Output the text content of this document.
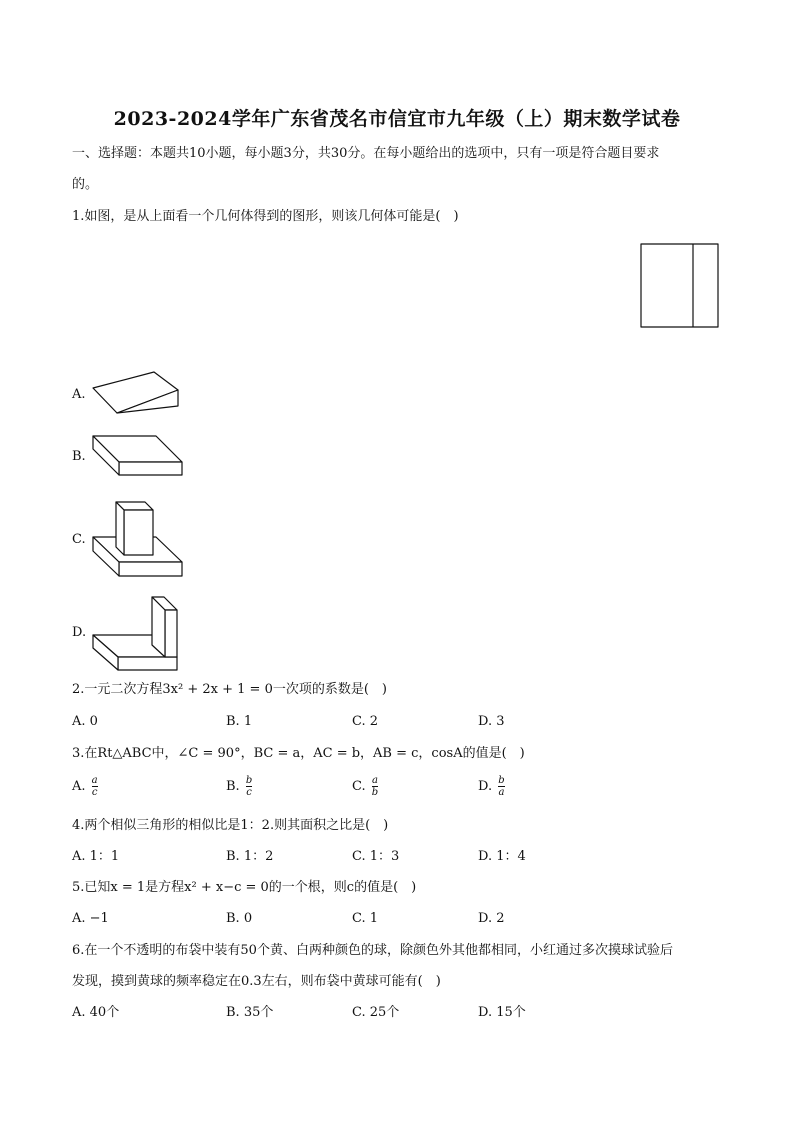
2023-2024学年广东省茂名市信宜市九年级（上）期末数学试卷
一、选择题：本题共10小题，每小题3分，共30分。在每小题给出的选项中，只有一项是符合题目要求
的。
1.如图，是从上面看一个几何体得到的图形，则该几何体可能是(　)
A.
B.
C.
D.
2.一元二次方程3x² + 2x + 1 = 0一次项的系数是(　)
A. 0	B. 1	C. 2	D. 3
3.在Rt△ABC中，∠C = 90°，BC = a，AC = b，AB = c，cosA的值是(　)
A. $\frac{a}{c}$	B. $\frac{b}{c}$	C. $\frac{a}{b}$	D. $\frac{b}{a}$
4.两个相似三角形的相似比是1：2.则其面积之比是(　)
A. 1：1	B. 1：2	C. 1：3	D. 1：4
5.已知x = 1是方程x² + x−c = 0的一个根，则c的值是(　)
A. −1	B. 0	C. 1	D. 2
6.在一个不透明的布袋中装有50个黄、白两种颜色的球，除颜色外其他都相同，小红通过多次摸球试验后
发现，摸到黄球的频率稳定在0.3左右，则布袋中黄球可能有(　)
A. 40个	B. 35个	C. 25个	D. 15个
